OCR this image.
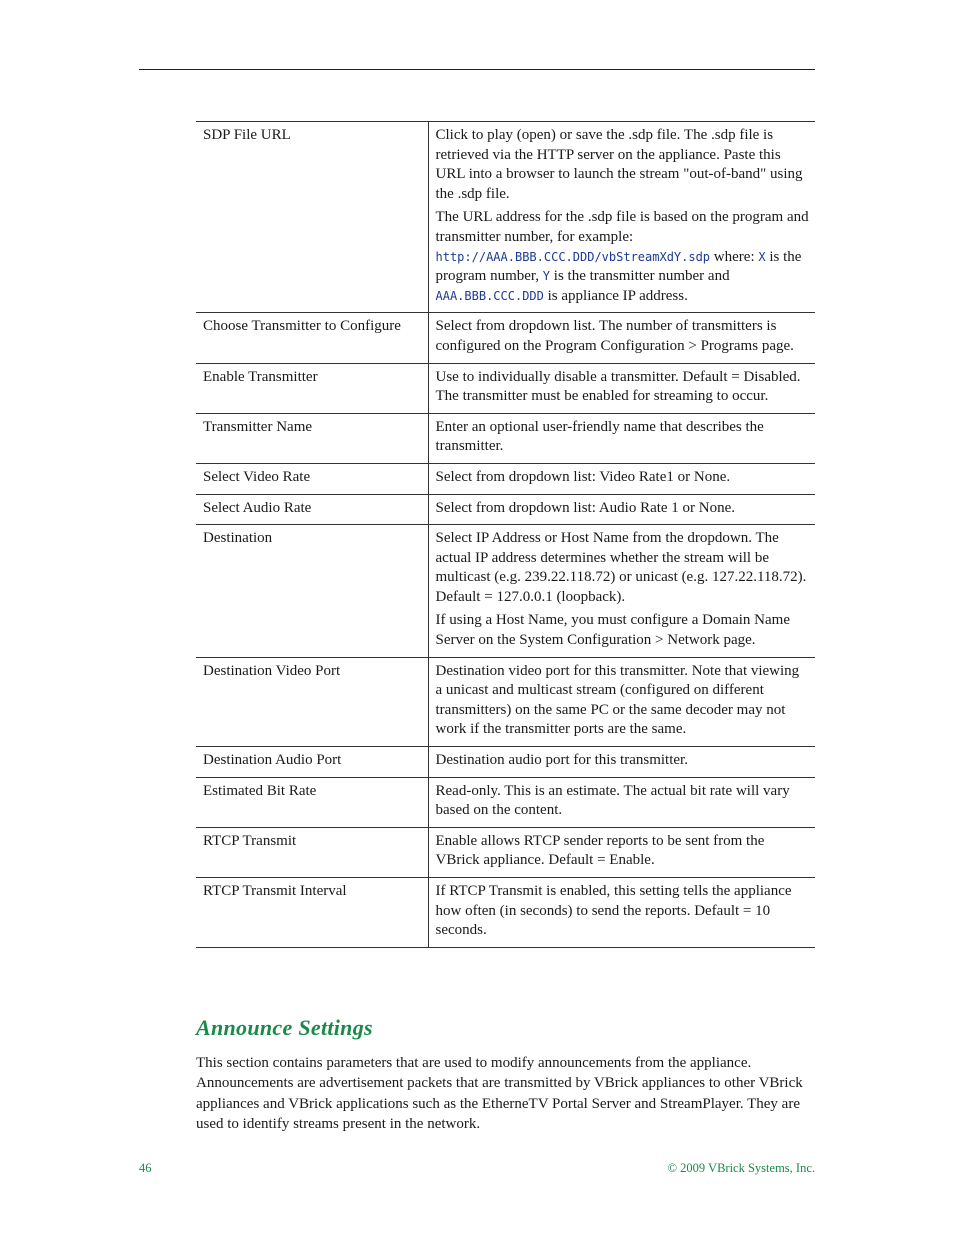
SDP File URL	Click to play (open) or save the .sdp file. The .sdp file is retrieved via the HTTP server on the appliance. Paste this URL into a browser to launch the stream "out-of-band" using the .sdp file.

The URL address for the .sdp file is based on the program and transmitter number, for example: http://AAA.BBB.CCC.DDD/vbStreamXdY.sdp where: X is the program number, Y is the transmitter number and AAA.BBB.CCC.DDD is appliance IP address.

Choose Transmitter to Configure	Select from dropdown list. The number of transmitters is configured on the Program Configuration > Programs page.
Enable Transmitter	Use to individually disable a transmitter. Default = Disabled. The transmitter must be enabled for streaming to occur.
Transmitter Name	Enter an optional user-friendly name that describes the transmitter.
Select Video Rate	Select from dropdown list: Video Rate1 or None.
Select Audio Rate	Select from dropdown list: Audio Rate 1 or None.
Destination	Select IP Address or Host Name from the dropdown. The actual IP address determines whether the stream will be multicast (e.g. 239.22.118.72) or unicast (e.g. 127.22.118.72). Default = 127.0.0.1 (loopback).

If using a Host Name, you must configure a Domain Name Server on the System Configuration > Network page.

Destination Video Port	Destination video port for this transmitter. Note that viewing a unicast and multicast stream (configured on different transmitters) on the same PC or the same decoder may not work if the transmitter ports are the same.
Destination Audio Port	Destination audio port for this transmitter.
Estimated Bit Rate	Read-only. This is an estimate. The actual bit rate will vary based on the content.
RTCP Transmit	Enable allows RTCP sender reports to be sent from the VBrick appliance. Default = Enable.
RTCP Transmit Interval	If RTCP Transmit is enabled, this setting tells the appliance how often (in seconds) to send the reports. Default = 10 seconds.
Announce Settings

This section contains parameters that are used to modify announcements from the appliance. Announcements are advertisement packets that are transmitted by VBrick appliances to other VBrick appliances and VBrick applications such as the EtherneTV Portal Server and StreamPlayer. They are used to identify streams present in the network.

46	© 2009 VBrick Systems, Inc.
